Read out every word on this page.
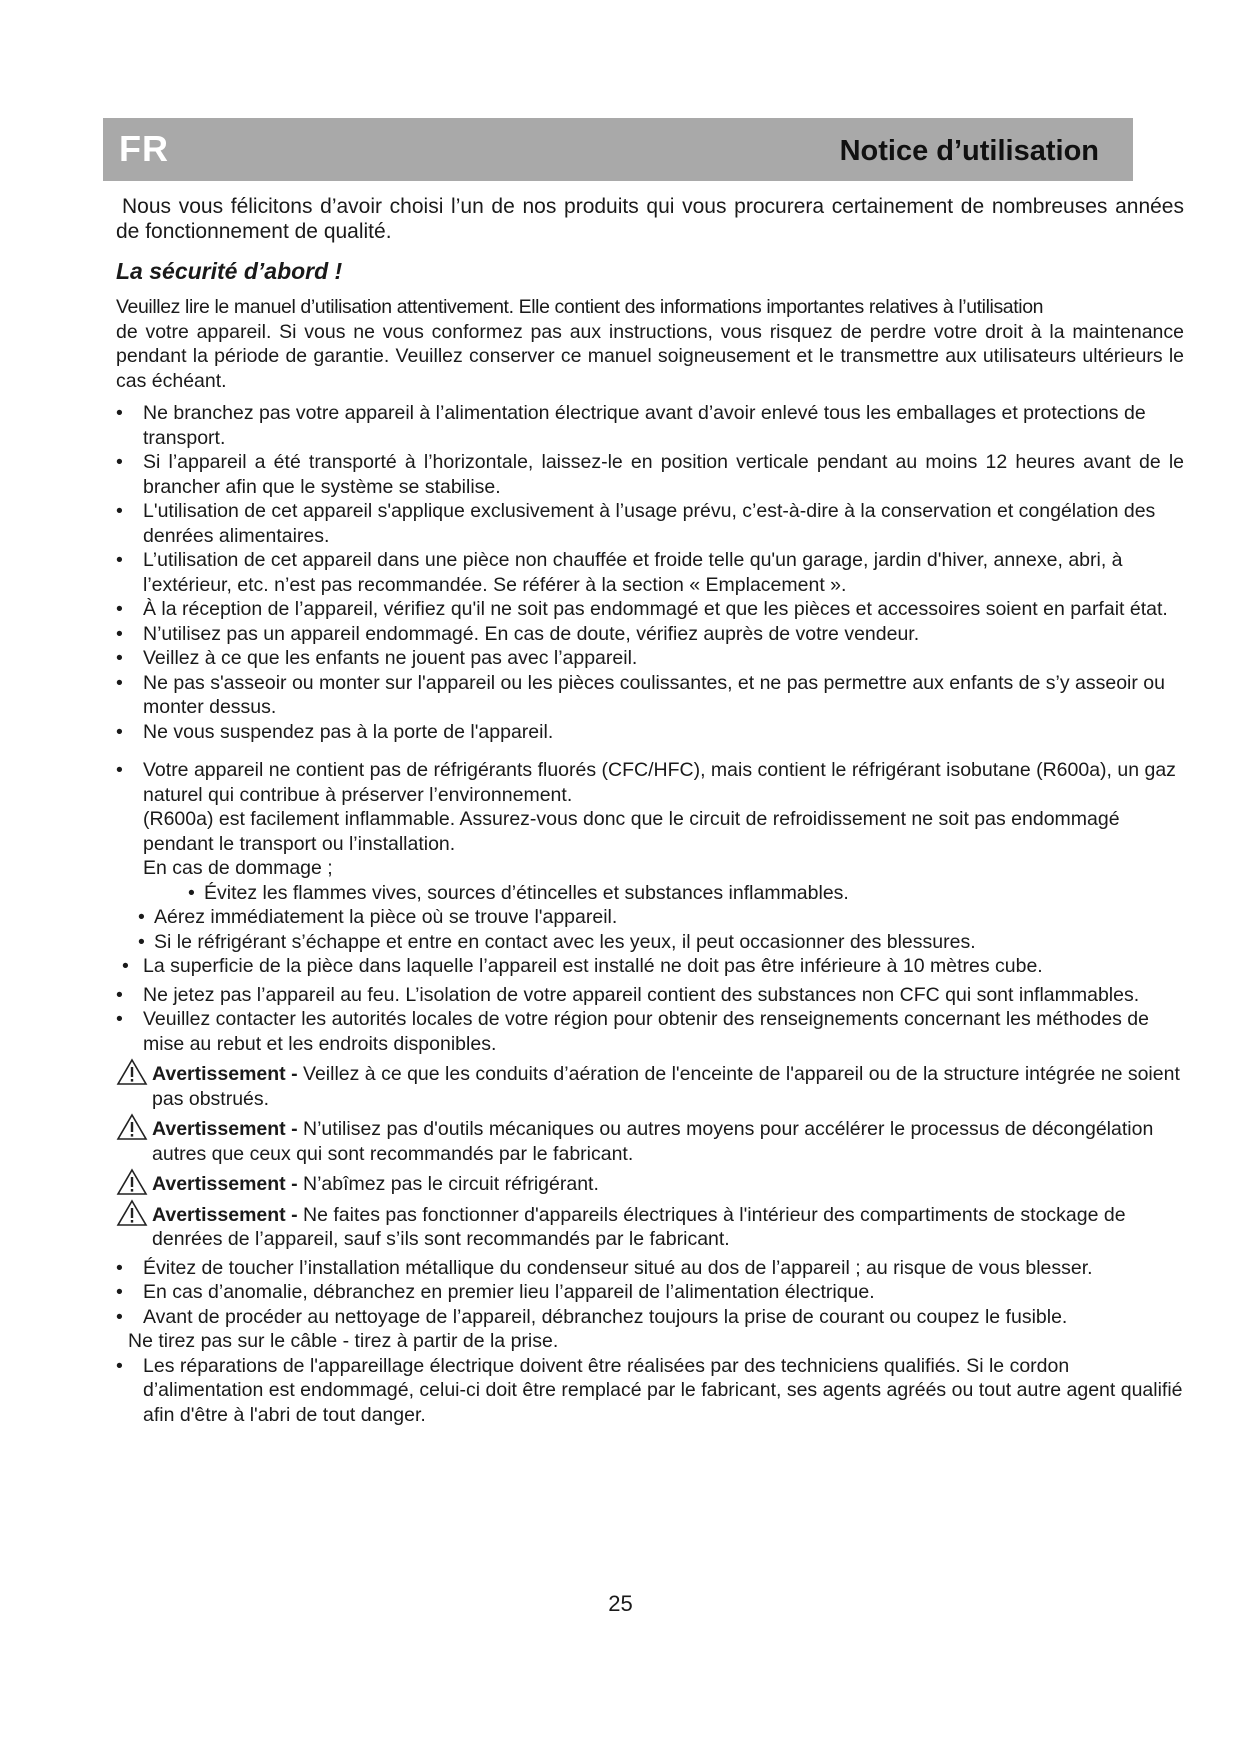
FR	Notice d’utilisation

Nous vous félicitons d’avoir choisi l’un de nos produits qui vous procurera certainement de nombreuses années de fonctionnement de qualité.

La sécurité d’abord !
Veuillez lire le manuel d’utilisation attentivement. Elle contient des informations importantes relatives à l’utilisation
de votre appareil. Si vous ne vous conformez pas aux instructions, vous risquez de perdre votre droit à la maintenance pendant la période de garantie. Veuillez conserver ce manuel soigneusement et le transmettre aux utilisateurs ultérieurs le cas échéant.
• Ne branchez pas votre appareil à l’alimentation électrique avant d’avoir enlevé tous les emballages et protections de transport.
• Si l’appareil a été transporté à l’horizontale, laissez-le en position verticale pendant au moins 12 heures avant de le brancher afin que le système se stabilise.
• L'utilisation de cet appareil s'applique exclusivement à l’usage prévu, c’est-à-dire à la conservation et congélation des denrées alimentaires.
• L’utilisation de cet appareil dans une pièce non chauffée et froide telle qu'un garage, jardin d'hiver, annexe, abri, à l’extérieur, etc. n’est pas recommandée. Se référer à la section « Emplacement ».
• À la réception de l’appareil, vérifiez qu'il ne soit pas endommagé et que les pièces et accessoires soient en parfait état.
• N’utilisez pas un appareil endommagé. En cas de doute, vérifiez auprès de votre vendeur.
• Veillez à ce que les enfants ne jouent pas avec l’appareil.
• Ne pas s'asseoir ou monter sur l'appareil ou les pièces coulissantes, et ne pas permettre aux enfants de s’y asseoir ou monter dessus.
• Ne vous suspendez pas à la porte de l'appareil.
• Votre appareil ne contient pas de réfrigérants fluorés (CFC/HFC), mais contient le réfrigérant isobutane (R600a), un gaz naturel qui contribue à préserver l’environnement.
(R600a) est facilement inflammable. Assurez-vous donc que le circuit de refroidissement ne soit pas endommagé pendant le transport ou l’installation.
En cas de dommage ;
• Évitez les flammes vives, sources d’étincelles et substances inflammables.
• Aérez immédiatement la pièce où se trouve l'appareil.
• Si le réfrigérant s’échappe et entre en contact avec les yeux, il peut occasionner des blessures.
• La superficie de la pièce dans laquelle l’appareil est installé ne doit pas être inférieure à 10 mètres cube.
• Ne jetez pas l’appareil au feu. L’isolation de votre appareil contient des substances non CFC qui sont inflammables.
• Veuillez contacter les autorités locales de votre région pour obtenir des renseignements concernant les méthodes de mise au rebut et les endroits disponibles.
Avertissement - Veillez à ce que les conduits d’aération de l'enceinte de l'appareil ou de la structure intégrée ne soient pas obstrués.
Avertissement - N’utilisez pas d'outils mécaniques ou autres moyens pour accélérer le processus de décongélation autres que ceux qui sont recommandés par le fabricant.
Avertissement - N’abîmez pas le circuit réfrigérant.
Avertissement - Ne faites pas fonctionner d'appareils électriques à l'intérieur des compartiments de stockage de denrées de l’appareil, sauf s’ils sont recommandés par le fabricant.
• Évitez de toucher l’installation métallique du condenseur situé au dos de l’appareil ; au risque de vous blesser.
• En cas d’anomalie, débranchez en premier lieu l’appareil de l’alimentation électrique.
• Avant de procéder au nettoyage de l’appareil, débranchez toujours la prise de courant ou coupez le fusible.
Ne tirez pas sur le câble - tirez à partir de la prise.
• Les réparations de l'appareillage électrique doivent être réalisées par des techniciens qualifiés. Si le cordon d’alimentation est endommagé, celui-ci doit être remplacé par le fabricant, ses agents agréés ou tout autre agent qualifié afin d'être à l'abri de tout danger.
25
